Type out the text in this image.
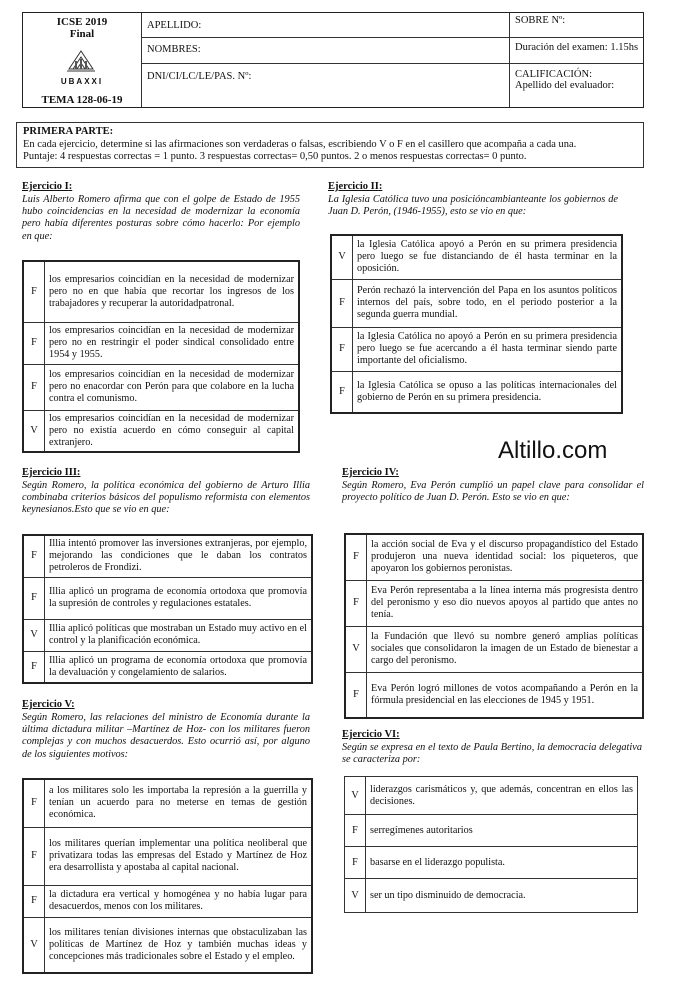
ICSE 2019
Final
UBAXXI
TEMA 128-06-19
APELLIDO:
NOMBRES:
DNI/CI/LC/LE/PAS. Nº:
SOBRE Nº:
Duración del examen: 1.15hs
CALIFICACIÓN:
Apellido del evaluador:
PRIMERA PARTE:
En cada ejercicio, determine si las afirmaciones son verdaderas o falsas, escribiendo V o F en el casillero que acompaña a cada una.
Puntaje: 4 respuestas correctas = 1 punto. 3 respuestas correctas= 0,50 puntos. 2 o menos respuestas correctas= 0 punto.
Ejercicio I:
Luis Alberto Romero afirma que con el golpe de Estado de 1955 hubo coincidencias en la necesidad de modernizar la economía pero había diferentes posturas sobre cómo hacerlo: Por ejemplo en que:
F	los empresarios coincidían en la necesidad de modernizar pero no en que había que recortar los ingresos de los trabajadores y recuperar la autoridadpatronal.
F	los empresarios coincidían en la necesidad de modernizar pero no en restringir el poder sindical consolidado entre 1954 y 1955.
F	los empresarios coincidían en la necesidad de modernizar pero no enacordar con Perón para que colabore en la lucha contra el comunismo.
V	los empresarios coincidían en la necesidad de modernizar pero no existía acuerdo en cómo conseguir al capital extranjero.
Ejercicio II:
La Iglesia Católica tuvo una posicióncambianteante los gobiernos de Juan D. Perón, (1946-1955), esto se vio en que:
V	la Iglesia Católica apoyó a Perón en su primera presidencia pero luego se fue distanciando de él hasta terminar en la oposición.
F	Perón rechazó la intervención del Papa en los asuntos políticos internos del país, sobre todo, en el periodo posterior a la segunda guerra mundial.
F	la Iglesia Católica no apoyó a Perón en su primera presidencia pero luego se fue acercando a él hasta terminar siendo parte importante del oficialismo.
F	la Iglesia Católica se opuso a las políticas internacionales del gobierno de Perón en su primera presidencia.
Altillo.com
Ejercicio III:
Según Romero, la política económica del gobierno de Arturo Illia combinaba criterios básicos del populismo reformista con elementos keynesianos.Esto que se vio en que:
F	Illia intentó promover las inversiones extranjeras, por ejemplo, mejorando las condiciones que le daban los contratos petroleros de Frondizi.
F	Illia aplicó un programa de economía ortodoxa que promovía la supresión de controles y regulaciones estatales.
V	Illia aplicó políticas que mostraban un Estado muy activo en el control y la planificación económica.
F	Illia aplicó un programa de economía ortodoxa que promovía la devaluación y congelamiento de salarios.
Ejercicio IV:
Según Romero, Eva Perón cumplió un papel clave para consolidar el proyecto político de Juan D. Perón. Esto se vio en que:
F	la acción social de Eva y el discurso propagandístico del Estado produjeron una nueva identidad social: los piqueteros, que apoyaron los gobiernos peronistas.
F	Eva Perón representaba a la línea interna más progresista dentro del peronismo y eso dio nuevos apoyos al partido que antes no tenía.
V	la Fundación que llevó su nombre generó amplias políticas sociales que consolidaron la imagen de un Estado de bienestar a cargo del peronismo.
F	Eva Perón logró millones de votos acompañando a Perón en la fórmula presidencial en las elecciones de 1945 y 1951.
Ejercicio V:
Según Romero, las relaciones del ministro de Economía durante la última dictadura militar –Martínez de Hoz- con los militares fueron complejas y con muchos desacuerdos. Esto ocurrió así, por alguno de los siguientes motivos:
F	a los militares solo les importaba la represión a la guerrilla y tenían un acuerdo para no meterse en temas de gestión económica.
F	los militares querían implementar una política neoliberal que privatizara todas las empresas del Estado y Martínez de Hoz era desarrollista y apostaba al capital nacional.
F	la dictadura era vertical y homogénea y no había lugar para desacuerdos, menos con los militares.
V	los militares tenían divisiones internas que obstaculizaban las políticas de Martínez de Hoz y también muchas ideas y concepciones más tradicionales sobre el Estado y el empleo.
Ejercicio VI:
Según se expresa en el texto de Paula Bertino, la democracia delegativa se caracteriza por:
V	liderazgos carismáticos y, que además, concentran en ellos las decisiones.
F	serregímenes autoritarios
F	basarse en el liderazgo populista.
V	ser un tipo disminuido de democracia.
